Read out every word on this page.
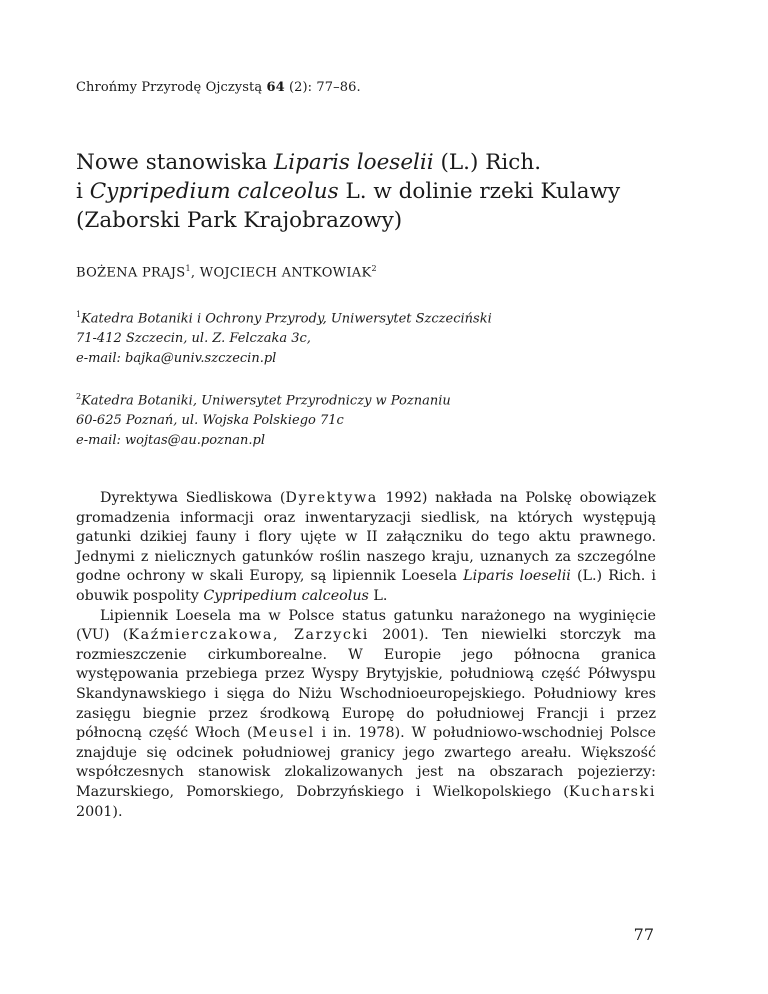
Chrońmy Przyrodę Ojczystą 64 (2): 77–86.
Nowe stanowiska Liparis loeselii (L.) Rich.
i Cypripedium calceolus L. w dolinie rzeki Kulawy
(Zaborski Park Krajobrazowy)
BOŻENA PRAJS$^1$, WOJCIECH ANTKOWIAK$^2$
$^1$Katedra Botaniki i Ochrony Przyrody, Uniwersytet Szczeciński
71-412 Szczecin, ul. Z. Felczaka 3c,
e-mail: bajka@univ.szczecin.pl
$^2$Katedra Botaniki, Uniwersytet Przyrodniczy w Poznaniu
60-625 Poznań, ul. Wojska Polskiego 71c
e-mail: wojtas@au.poznan.pl

Dyrektywa Siedliskowa (Dyrektywa 1992) nakłada na Polskę obowiązek gromadzenia informacji oraz inwentaryzacji siedlisk, na których występują gatunki dzikiej fauny i flory ujęte w II załączniku do tego aktu prawnego. Jednymi z nielicznych gatunków roślin naszego kraju, uznanych za szczególne godne ochrony w skali Europy, są lipiennik Loesela Liparis loeselii (L.) Rich. i obuwik pospolity Cypripedium calceolus L.

Lipiennik Loesela ma w Polsce status gatunku narażonego na wyginięcie (VU) (Kaźmierczakowa, Zarzycki 2001). Ten niewielki storczyk ma rozmieszczenie cirkumborealne. W Europie jego północna granica występowania przebiega przez Wyspy Brytyjskie, południową część Półwyspu Skandynawskiego i sięga do Niżu Wschodnioeuropejskiego. Południowy kres zasięgu biegnie przez środkową Europę do południowej Francji i przez północną część Włoch (Meusel i in. 1978). W południowo-wschodniej Polsce znajduje się odcinek południowej granicy jego zwartego areału. Większość współczesnych stanowisk zlokalizowanych jest na obszarach pojezierzy: Mazurskiego, Pomorskiego, Dobrzyńskiego i Wielkopolskiego (Kucharski 2001).

77
